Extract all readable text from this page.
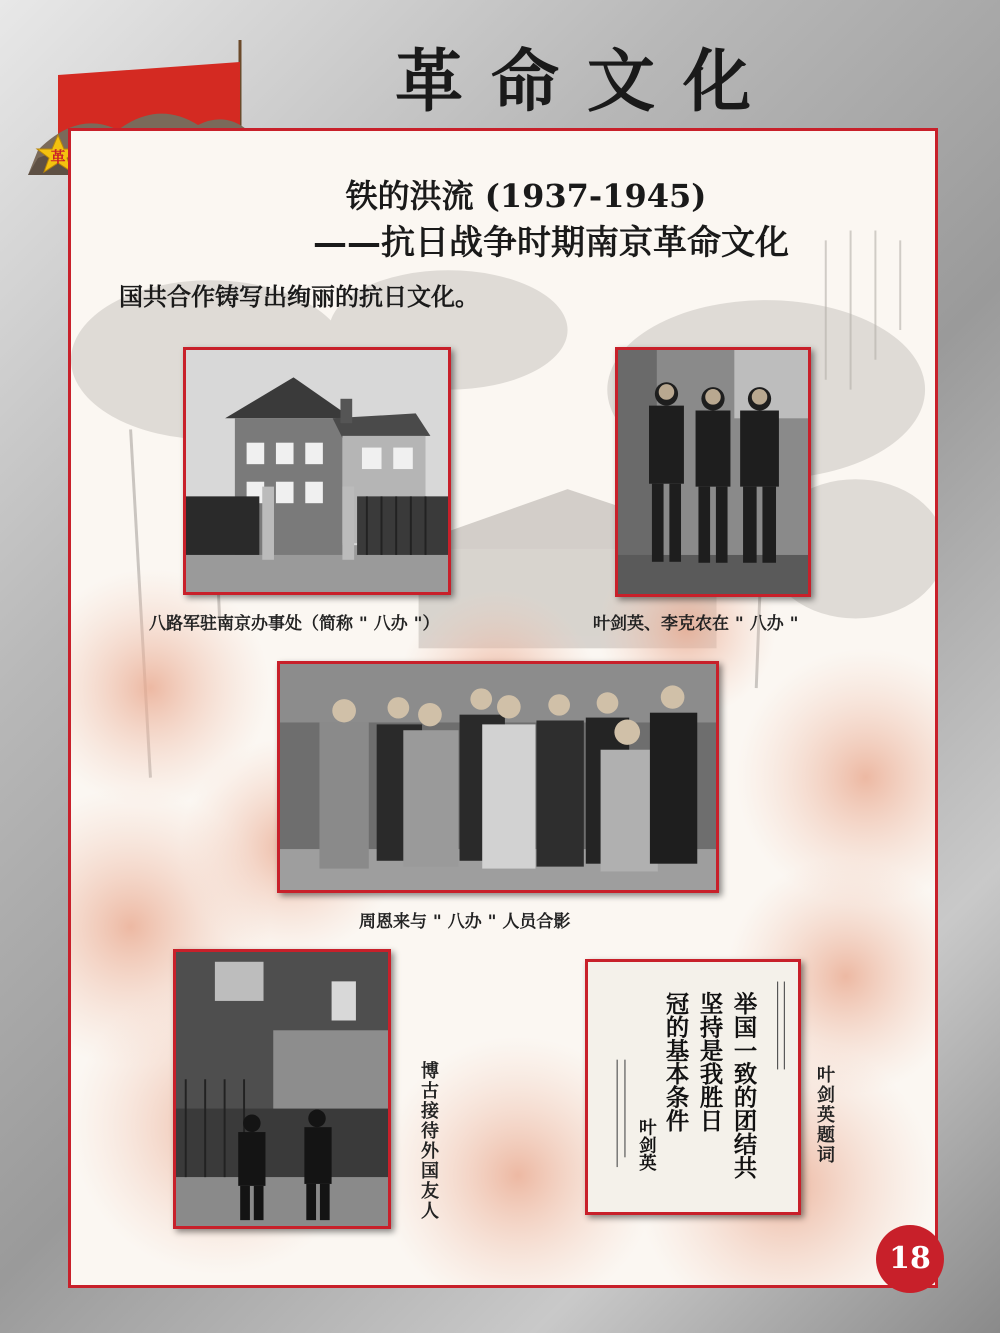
革命文化
革
铁的洪流 (1937-1945)
——抗日战争时期南京革命文化
国共合作铸写出绚丽的抗日文化。
八路军驻南京办事处（简称 " 八办 "）	叶剑英、李克农在 " 八办 "
周恩来与 " 八办 " 人员合影
博古接待外国友人	举国一致的团结共
坚持是我胜日
冠的基本条件
叶剑英	叶剑英题词
18
